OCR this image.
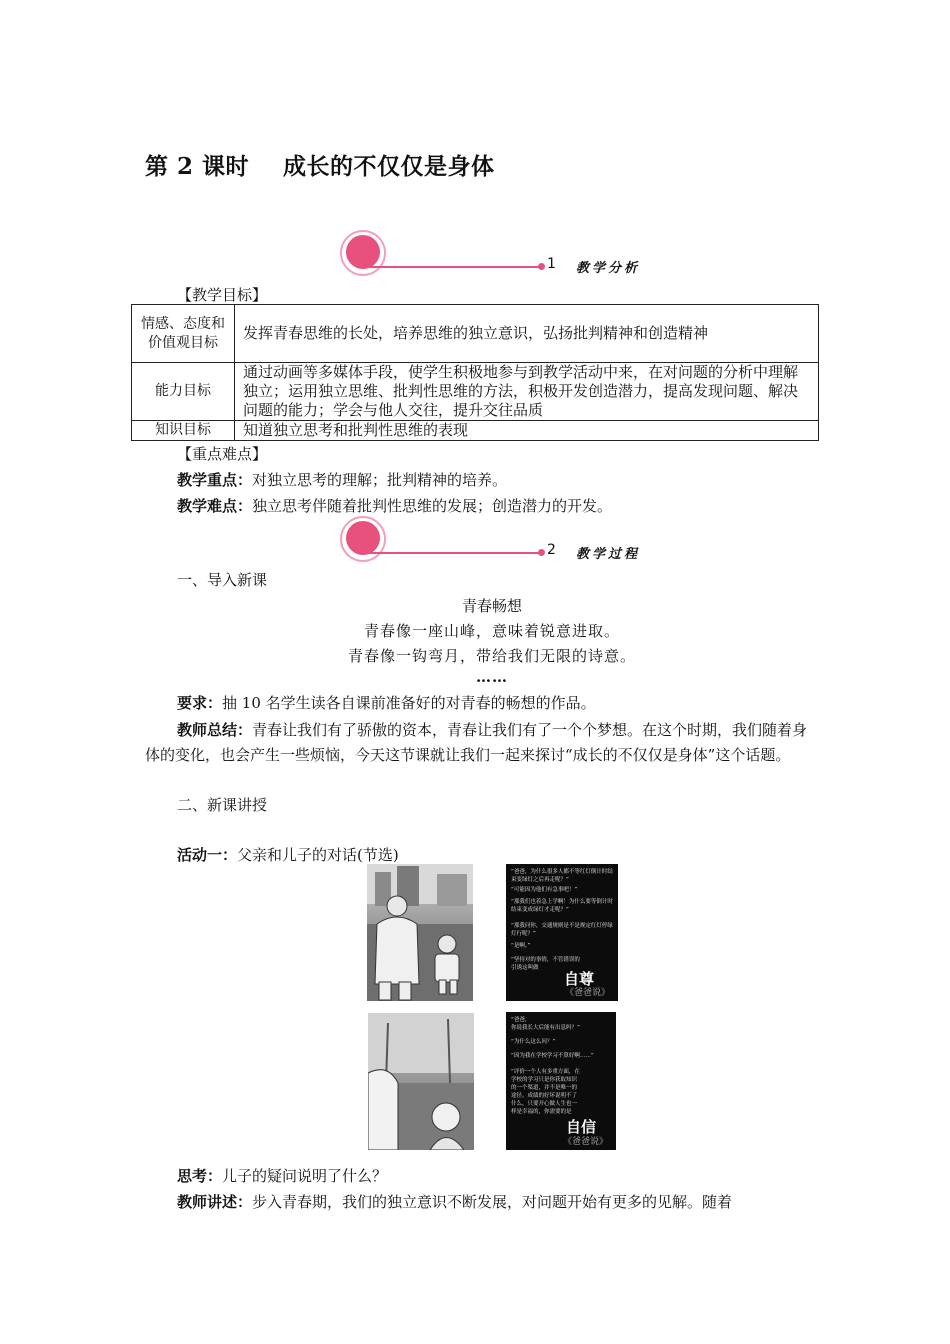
第 2 课时    成长的不仅仅是身体
1 教学分析
【教学目标】
情感、态度和价值观目标	发挥青春思维的长处，培养思维的独立意识，弘扬批判精神和创造精神
能力目标	通过动画等多媒体手段，使学生积极地参与到教学活动中来，在对问题的分析中理解独立；运用独立思维、批判性思维的方法，积极开发创造潜力，提高发现问题、解决问题的能力；学会与他人交往，提升交往品质
知识目标	知道独立思考和批判性思维的表现
【重点难点】
教学重点：对独立思考的理解；批判精神的培养。
教学难点：独立思考伴随着批判性思维的发展；创造潜力的开发。
2 教学过程
一、导入新课
青春畅想
青春像一座山峰，意味着锐意进取。
青春像一钩弯月，带给我们无限的诗意。
……
要求：抽 10 名学生读各自课前准备好的对青春的畅想的作品。
教师总结：青春让我们有了骄傲的资本，青春让我们有了一个个梦想。在这个时期，我们随着身体的变化，也会产生一些烦恼，今天这节课就让我们一起来探讨“成长的不仅仅是身体”这个话题。
二、新课讲授
活动一：父亲和儿子的对话(节选)
“爸爸，为什么很多人都不等红灯倒计时结束变绿灯之后再走呢？”
“可能因为他们有急事吧！”
“那我们也着急上学啊！为什么要等倒计时结束变成绿灯才走呢？”
“那我问你，交通规则是不是规定红灯停绿灯行呢？”
“是啊。”
“坚持对的事情，不管错误的引诱这叫做
自尊
《爸爸说》
“爸爸，
你说我长大后能有出息吗？”
“为什么这么问？”
“因为我在学校学习不算好啊……”
“评价一个人有多重方面，在学校的学习只是你获取知识的一个渠道，并不是唯一的途径。成绩的好坏说明不了什么，只要开心做人生也一样是幸福的，你需要的是
自信
《爸爸说》
思考：儿子的疑问说明了什么？
教师讲述：步入青春期，我们的独立意识不断发展，对问题开始有更多的见解。随着
